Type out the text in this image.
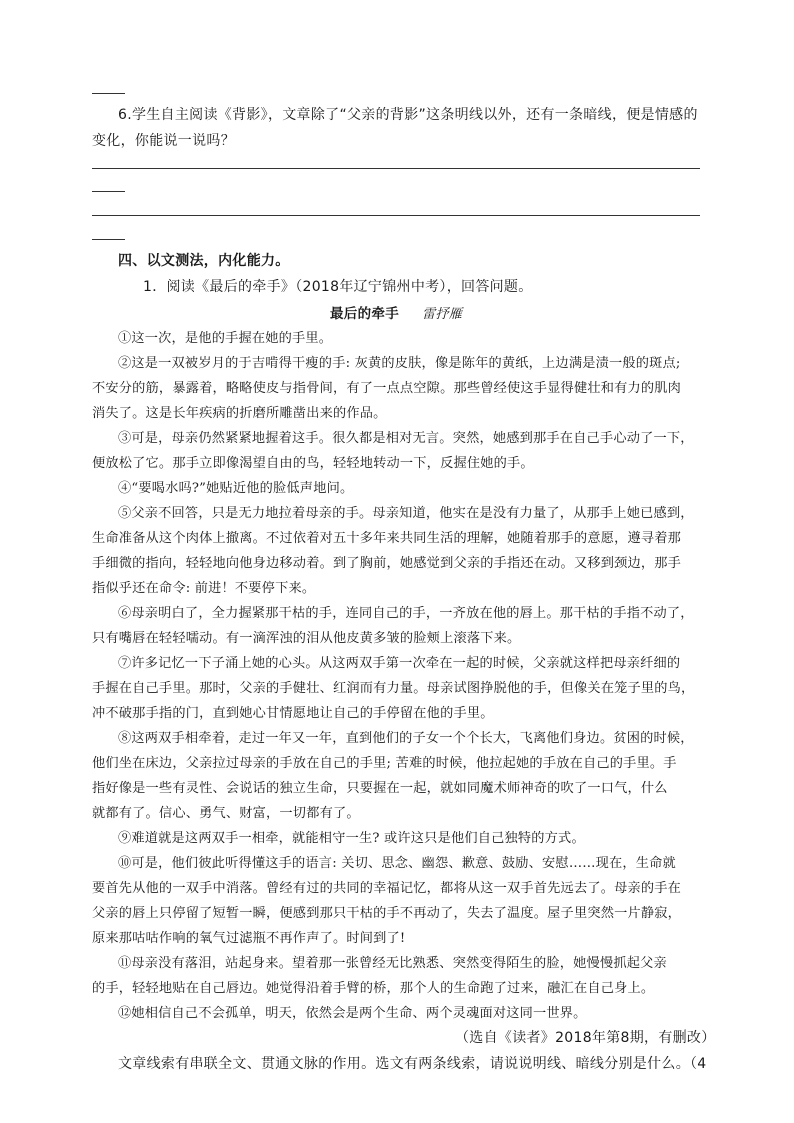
6.学生自主阅读《背影》，文章除了“父亲的背影”这条明线以外，还有一条暗线，便是情感的

变化，你能说一说吗？

四、以文测法，内化能力。

1．阅读《最后的牵手》（2018年辽宁锦州中考），回答问题。

最后的牵手 雷抒雁

①这一次，是他的手握在她的手里。

②这是一双被岁月的于吉啃得干瘦的手: 灰黄的皮肤，像是陈年的黄纸，上边满是渍一般的斑点;

不安分的筋，暴露着，略略使皮与指骨间，有了一点点空隙。那些曾经使这手显得健壮和有力的肌肉

消失了。这是长年疾病的折磨所雕凿出来的作品。

③可是，母亲仍然紧紧地握着这手。很久都是相对无言。突然，她感到那手在自己手心动了一下，

便放松了它。那手立即像渴望自由的鸟，轻轻地转动一下，反握住她的手。

④“要喝水吗?”她贴近他的脸低声地问。

⑤父亲不回答，只是无力地拉着母亲的手。母亲知道，他实在是没有力量了，从那手上她已感到，

生命准备从这个肉体上撤离。不过依着对五十多年来共同生活的理解，她随着那手的意愿，遵寻着那

手细微的指向，轻轻地向他身边移动着。到了胸前，她感觉到父亲的手指还在动。又移到颈边，那手

指似乎还在命令: 前进！不要停下来。

⑥母亲明白了，全力握紧那干枯的手，连同自己的手，一齐放在他的唇上。那干枯的手指不动了，

只有嘴唇在轻轻嚅动。有一滴浑浊的泪从他皮黄多皱的脸颊上滚落下来。

⑦许多记忆一下子涌上她的心头。从这两双手第一次牵在一起的时候，父亲就这样把母亲纤细的

手握在自己手里。那时，父亲的手健壮、红润而有力量。母亲试图挣脱他的手，但像关在笼子里的鸟，

冲不破那手指的门，直到她心甘情愿地让自己的手停留在他的手里。

⑧这两双手相牵着，走过一年又一年，直到他们的子女一个个长大，飞离他们身边。贫困的时候，

他们坐在床边，父亲拉过母亲的手放在自己的手里; 苦难的时候，他拉起她的手放在自己的手里。手

指好像是一些有灵性、会说话的独立生命，只要握在一起，就如同魔术师神奇的吹了一口气，什么

就都有了。信心、勇气、财富，一切都有了。

⑨难道就是这两双手一相牵，就能相守一生? 或许这只是他们自己独特的方式。

⑩可是，他们彼此听得懂这手的语言: 关切、思念、幽怨、歉意、鼓励、安慰……现在，生命就

要首先从他的一双手中消落。曾经有过的共同的幸福记忆，都将从这一双手首先远去了。母亲的手在

父亲的唇上只停留了短暂一瞬，便感到那只干枯的手不再动了，失去了温度。屋子里突然一片静寂，

原来那咕咕作响的氧气过滤瓶不再作声了。时间到了!

⑪母亲没有落泪，站起身来。望着那一张曾经无比熟悉、突然变得陌生的脸，她慢慢抓起父亲

的手，轻轻地贴在自己唇边。她觉得沿着手臂的桥，那个人的生命跑了过来，融汇在自己身上。

⑫她相信自己不会孤单，明天，依然会是两个生命、两个灵魂面对这同一世界。

（选自《读者》2018年第8期，有删改）

文章线索有串联全文、贯通文脉的作用。选文有两条线索，请说说明线、暗线分别是什么。（4
